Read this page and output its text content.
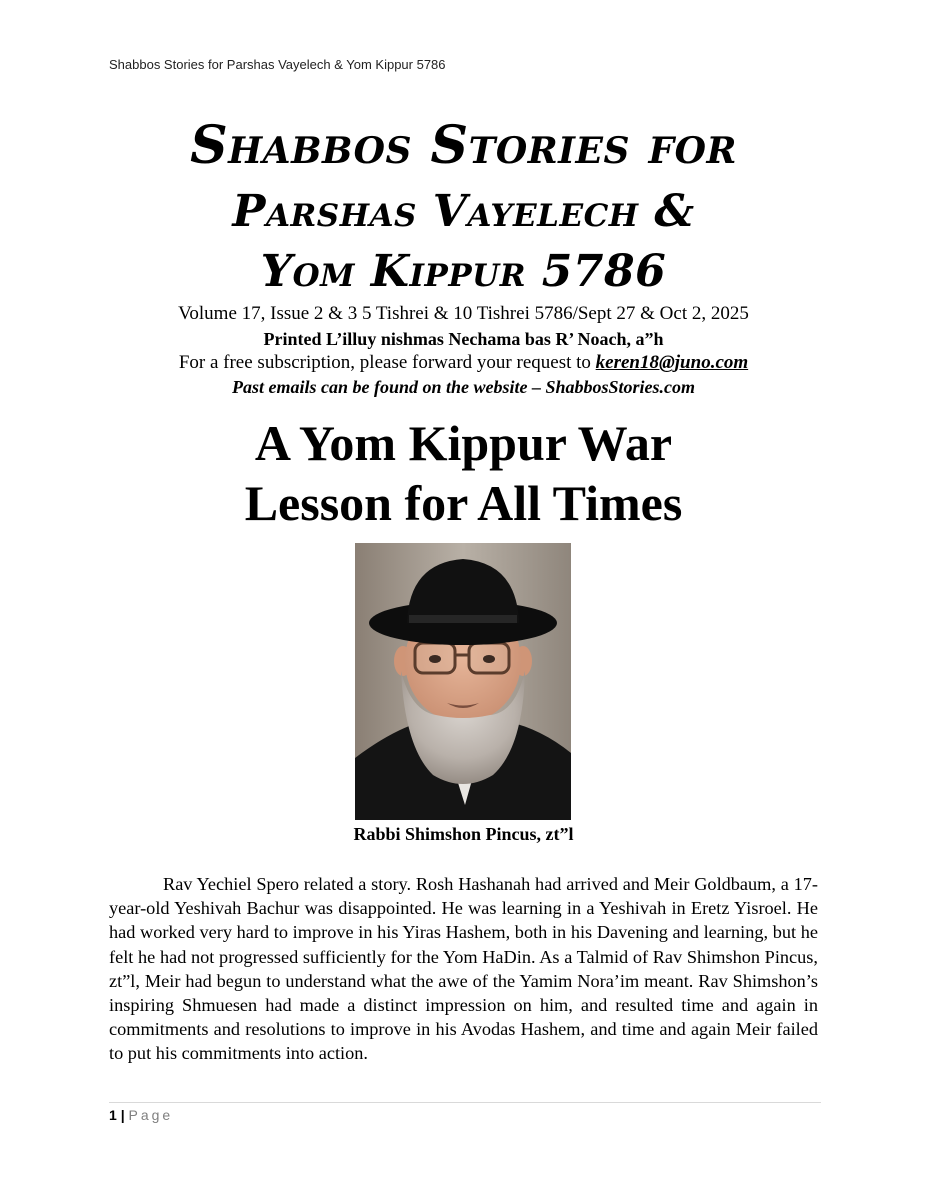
Shabbos Stories for Parshas Vayelech & Yom Kippur 5786
Shabbos Stories for
Parshas Vayelech &
Yom Kippur 5786
Volume 17, Issue 2 & 3 5 Tishrei & 10 Tishrei 5786/Sept 27 & Oct 2, 2025
Printed L’illuy nishmas Nechama bas R’ Noach, a”h
For a free subscription, please forward your request to keren18@juno.com
Past emails can be found on the website – ShabbosStories.com
A Yom Kippur War
Lesson for All Times
Rabbi Shimshon Pincus, zt”l

Rav Yechiel Spero related a story. Rosh Hashanah had arrived and Meir Goldbaum, a 17-year-old Yeshivah Bachur was disappointed. He was learning in a Yeshivah in Eretz Yisroel. He had worked very hard to improve in his Yiras Hashem, both in his Davening and learning, but he felt he had not progressed sufficiently for the Yom HaDin. As a Talmid of Rav Shimshon Pincus, zt”l, Meir had begun to understand what the awe of the Yamim Nora’im meant. Rav Shimshon’s inspiring Shmuesen had made a distinct impression on him, and resulted time and again in commitments and resolutions to improve in his Avodas Hashem, and time and again Meir failed to put his commitments into action.

1 | Page
